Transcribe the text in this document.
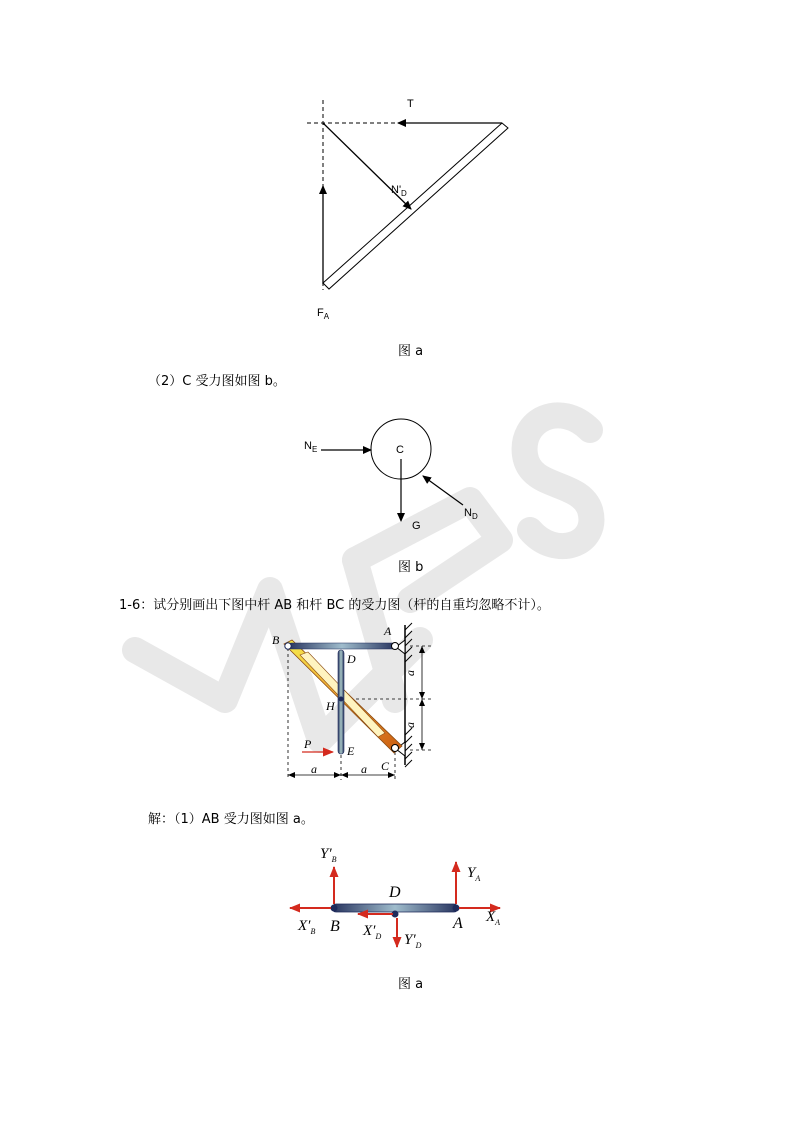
T
$N'_D$
$F_A$
图 a
（2）C 受力图如图 b。
$N_E$	C
G
$N_D$
图 b
1-6：试分别画出下图中杆 AB 和杆 BC 的受力图（杆的自重均忽略不计）。
B
A
D
H
P	E
C
a	a
a
a
解：（1）AB 受力图如图 a。
$Y'_B$
$Y_A$
D
$X'_B$ B $X'_D$ $Y'_D$
A $X_A$
图 a
